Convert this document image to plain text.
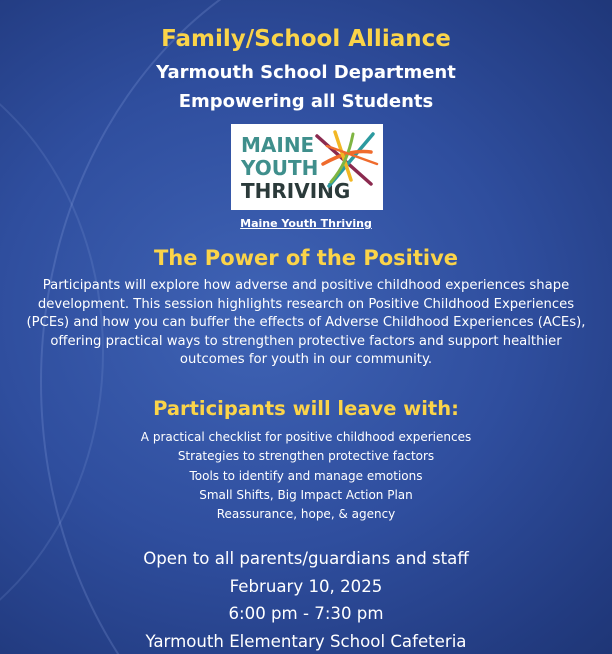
Family/School Alliance
Yarmouth School Department
Empowering all Students
MAINE
YOUTH
THRIVING
Maine Youth Thriving
The Power of the Positive
Participants will explore how adverse and positive childhood experiences shape development. This session highlights research on Positive Childhood Experiences (PCEs) and how you can buffer the effects of Adverse Childhood Experiences (ACEs), offering practical ways to strengthen protective factors and support healthier outcomes for youth in our community.
Participants will leave with:
A practical checklist for positive childhood experiences
Strategies to strengthen protective factors
Tools to identify and manage emotions
Small Shifts, Big Impact Action Plan
Reassurance, hope, & agency
Open to all parents/guardians and staff
February 10, 2025
6:00 pm - 7:30 pm
Yarmouth Elementary School Cafeteria
